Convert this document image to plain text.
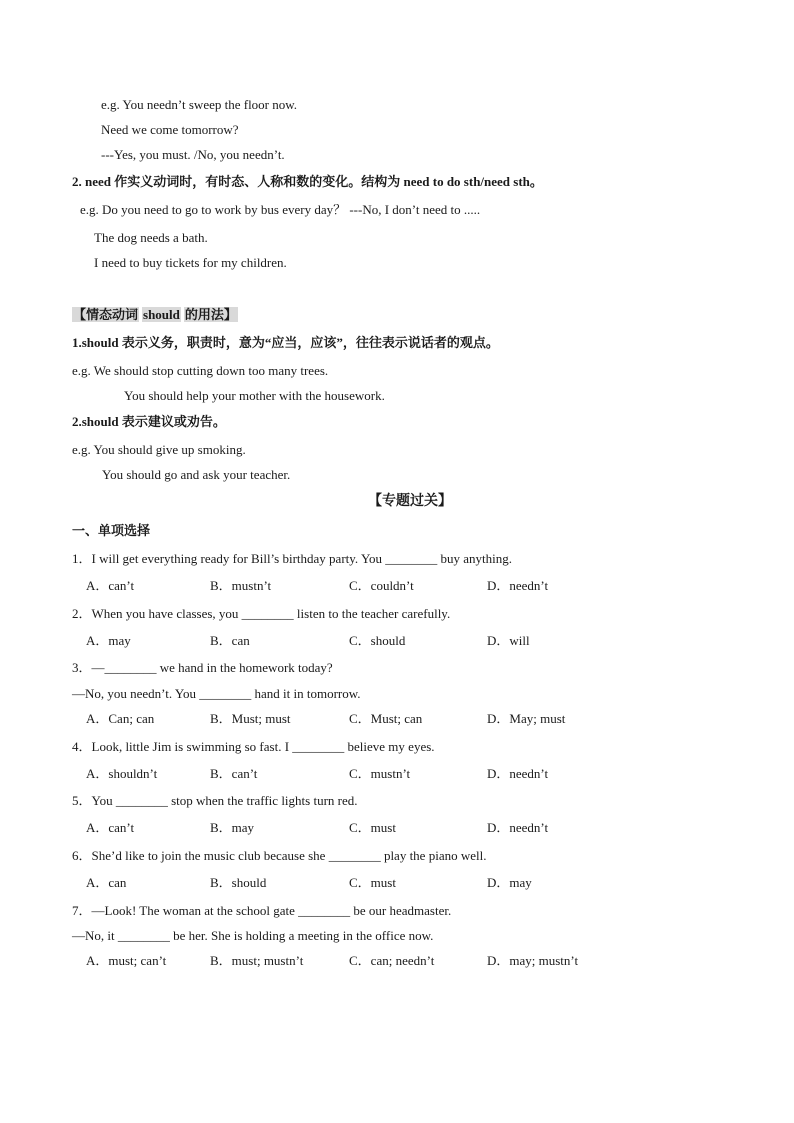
e.g. You needn’t sweep the floor now.
Need we come tomorrow?
---Yes, you must. /No, you needn’t.
2. need 作实义动词时，有时态、人称和数的变化。结构为 need to do sth/need sth。
e.g. Do you need to go to work by bus every day？ ---No, I don’t need to .....
The dog needs a bath.
I need to buy tickets for my children.
【情态动词 should 的用法】
1.should 表示义务，职责时，意为“应当，应该”，往往表示说话者的观点。
e.g. We should stop cutting down too many trees.
You should help your mother with the housework.
2.should 表示建议或劝告。
e.g. You should give up smoking.
You should go and ask your teacher.
【专题过关】
一、单项选择
1．I will get everything ready for Bill’s birthday party. You ________ buy anything.
A．can’t	B．mustn’t	C．couldn’t	D．needn’t
2．When you have classes, you ________ listen to the teacher carefully.
A．may	B．can	C．should	D．will
3．—________ we hand in the homework today?
—No, you needn’t. You ________ hand it in tomorrow.
A．Can; can	B．Must; must	C．Must; can	D．May; must
4．Look, little Jim is swimming so fast. I ________ believe my eyes.
A．shouldn’t	B．can’t	C．mustn’t	D．needn’t
5．You ________ stop when the traffic lights turn red.
A．can’t	B．may	C．must	D．needn’t
6．She’d like to join the music club because she ________ play the piano well.
A．can	B．should	C．must	D．may
7．—Look! The woman at the school gate ________ be our headmaster.
—No, it ________ be her. She is holding a meeting in the office now.
A．must; can’t	B．must; mustn’t	C．can; needn’t	D．may; mustn’t
